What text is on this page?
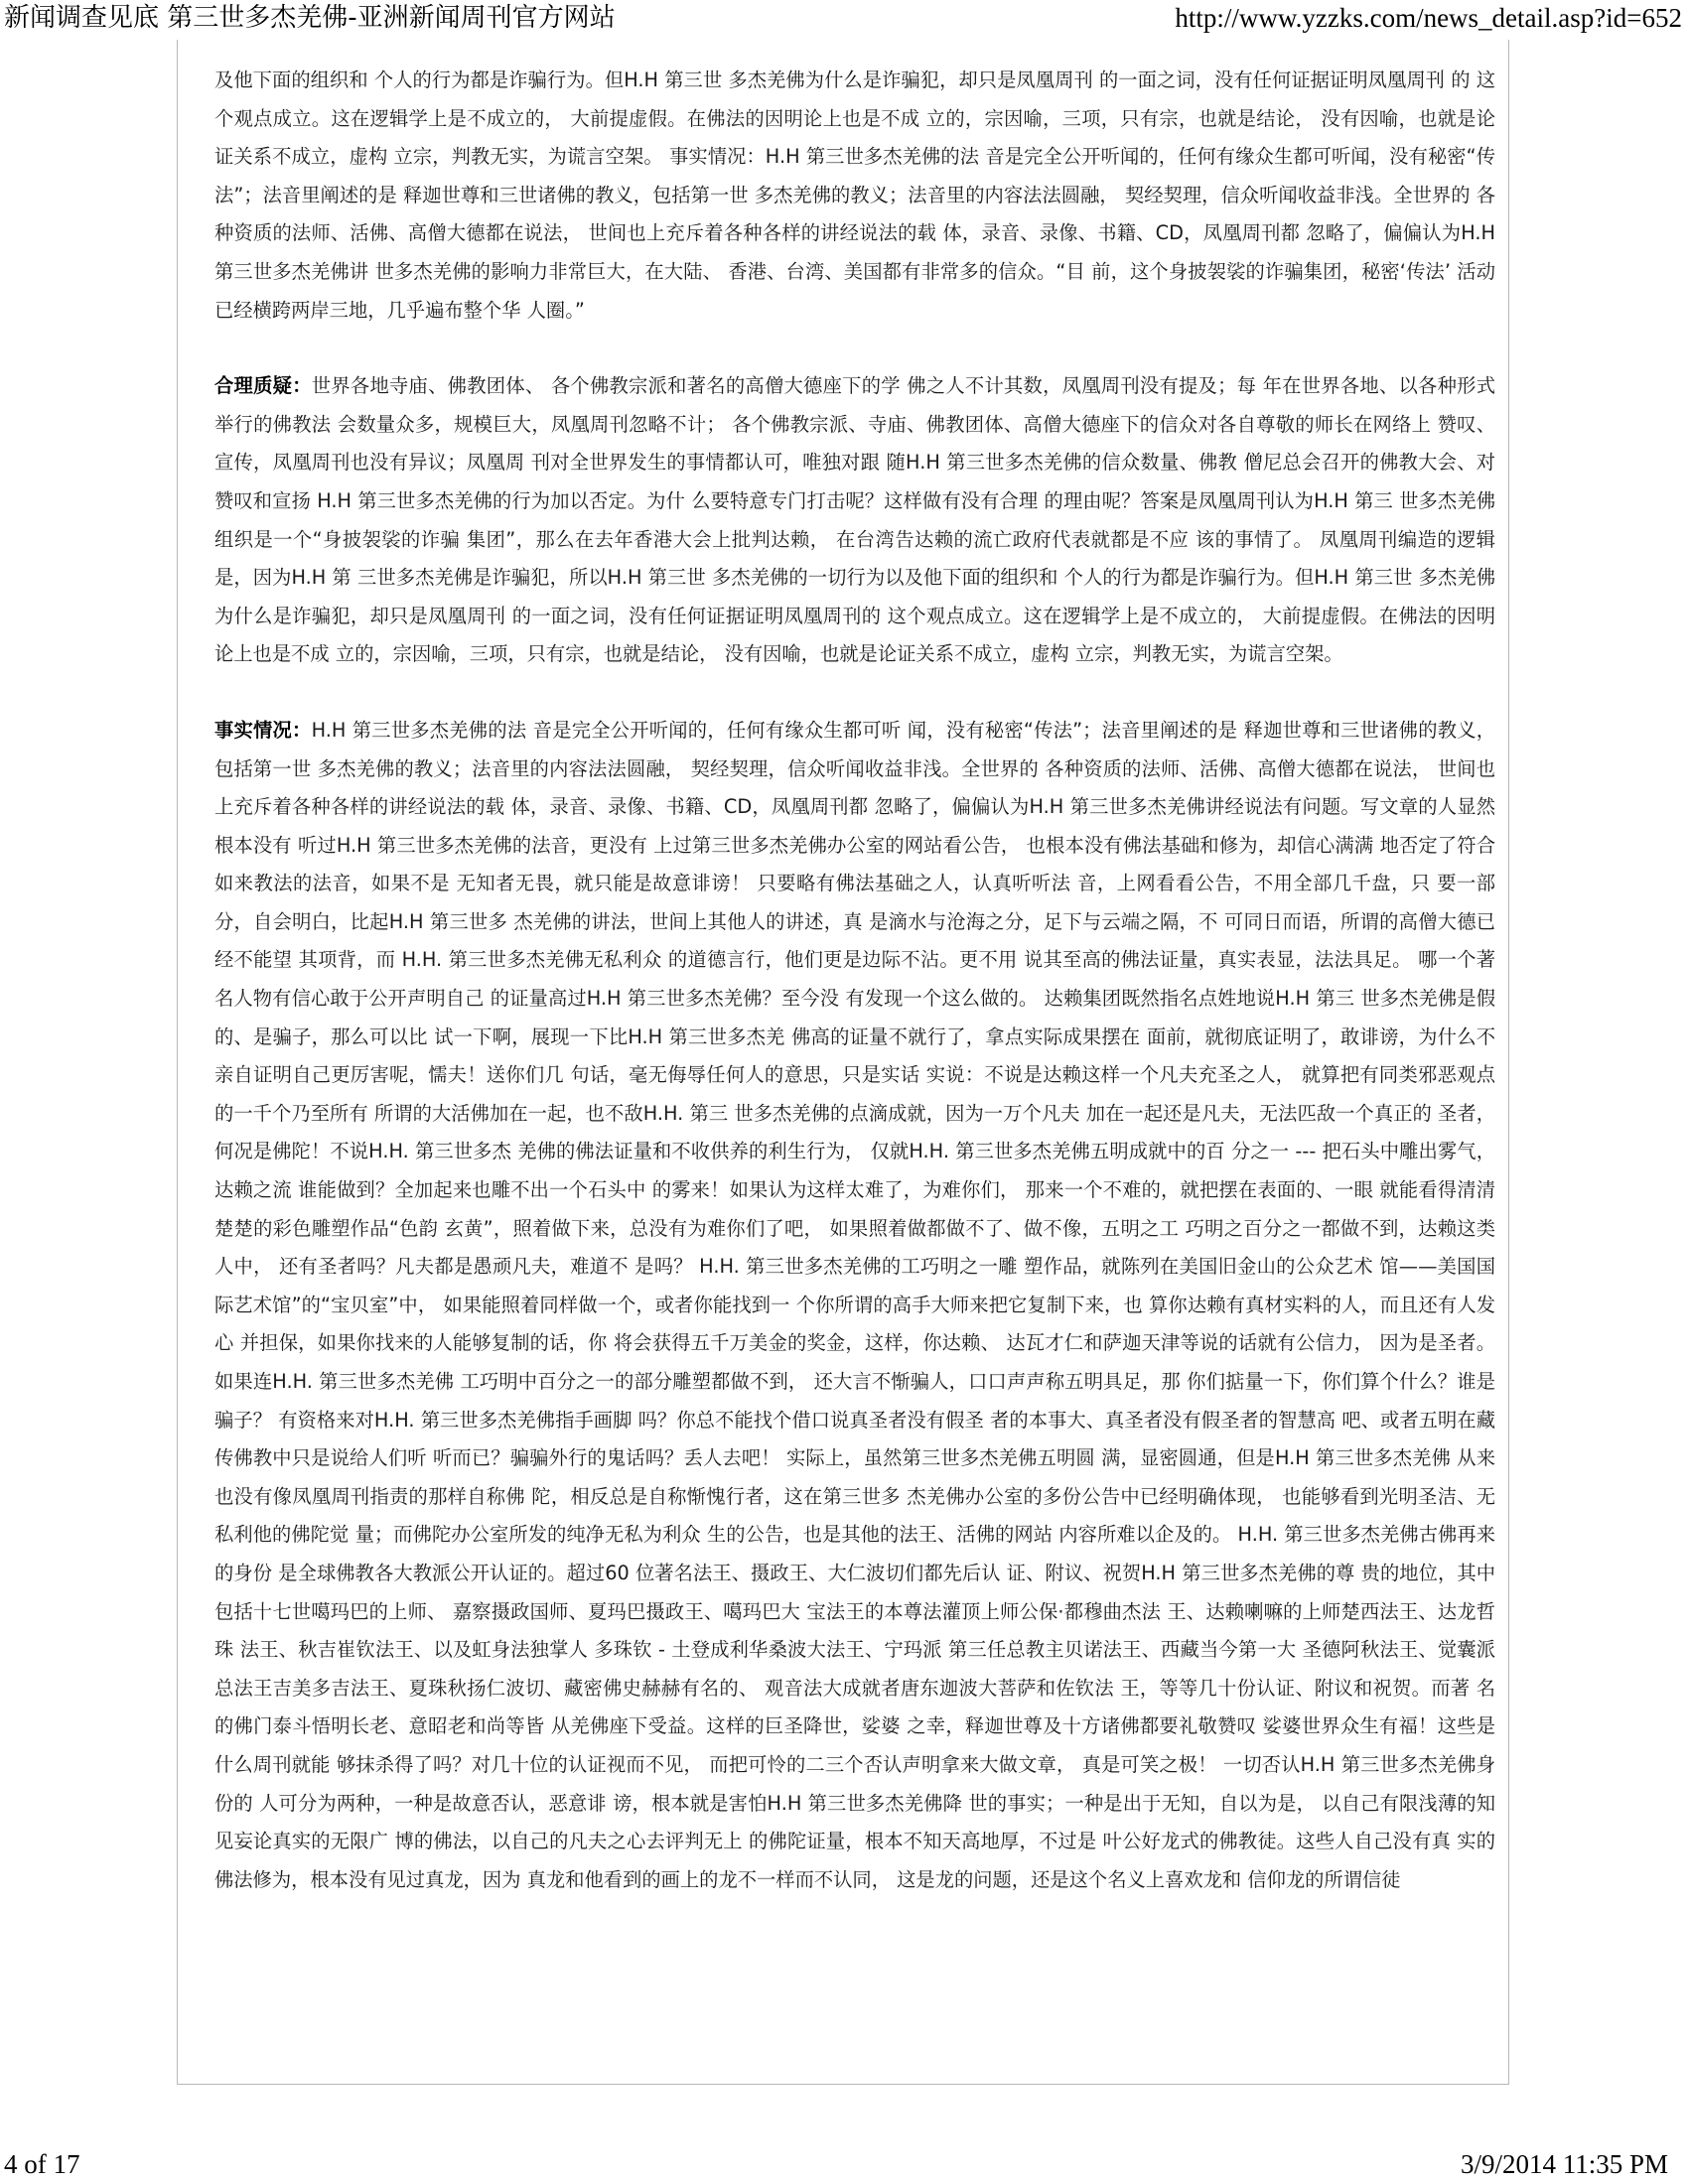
新闻调查见底 第三世多杰羌佛-亚洲新闻周刊官方网站	http://www.yzzks.com/news_detail.asp?id=652

及他下面的组织和 个人的行为都是诈骗行为。但H.H 第三世 多杰羌佛为什么是诈骗犯，却只是凤凰周刊 的一面之词，没有任何证据证明凤凰周刊 的 这个观点成立。这在逻辑学上是不成立的， 大前提虚假。在佛法的因明论上也是不成 立的，宗因喻，三项，只有宗，也就是结论， 没有因喻，也就是论证关系不成立，虚构 立宗，判教无实，为谎言空架。 事实情况：H.H 第三世多杰羌佛的法 音是完全公开听闻的，任何有缘众生都可听闻，没有秘密“传法”；法音里阐述的是 释迦世尊和三世诸佛的教义，包括第一世 多杰羌佛的教义；法音里的内容法法圆融， 契经契理，信众听闻收益非浅。全世界的 各种资质的法师、活佛、高僧大德都在说法， 世间也上充斥着各种各样的讲经说法的载 体，录音、录像、书籍、CD，凤凰周刊都 忽略了，偏偏认为H.H 第三世多杰羌佛讲 世多杰羌佛的影响力非常巨大，在大陆、 香港、台湾、美国都有非常多的信众。“目 前，这个身披袈裟的诈骗集团，秘密‘传法’ 活动已经横跨两岸三地，几乎遍布整个华 人圈。”

合理质疑：世界各地寺庙、佛教团体、 各个佛教宗派和著名的高僧大德座下的学 佛之人不计其数，凤凰周刊没有提及；每 年在世界各地、以各种形式举行的佛教法 会数量众多，规模巨大，凤凰周刊忽略不计； 各个佛教宗派、寺庙、佛教团体、高僧大德座下的信众对各自尊敬的师长在网络上 赞叹、宣传，凤凰周刊也没有异议；凤凰周 刊对全世界发生的事情都认可，唯独对跟 随H.H 第三世多杰羌佛的信众数量、佛教 僧尼总会召开的佛教大会、对赞叹和宣扬 H.H 第三世多杰羌佛的行为加以否定。为什 么要特意专门打击呢？这样做有没有合理 的理由呢？答案是凤凰周刊认为H.H 第三 世多杰羌佛组织是一个“身披袈裟的诈骗 集团”，那么在去年香港大会上批判达赖， 在台湾告达赖的流亡政府代表就都是不应 该的事情了。 凤凰周刊编造的逻辑是，因为H.H 第 三世多杰羌佛是诈骗犯，所以H.H 第三世 多杰羌佛的一切行为以及他下面的组织和 个人的行为都是诈骗行为。但H.H 第三世 多杰羌佛为什么是诈骗犯，却只是凤凰周刊 的一面之词，没有任何证据证明凤凰周刊的 这个观点成立。这在逻辑学上是不成立的， 大前提虚假。在佛法的因明论上也是不成 立的，宗因喻，三项，只有宗，也就是结论， 没有因喻，也就是论证关系不成立，虚构 立宗，判教无实，为谎言空架。

事实情况：H.H 第三世多杰羌佛的法 音是完全公开听闻的，任何有缘众生都可听 闻，没有秘密“传法”；法音里阐述的是 释迦世尊和三世诸佛的教义，包括第一世 多杰羌佛的教义；法音里的内容法法圆融， 契经契理，信众听闻收益非浅。全世界的 各种资质的法师、活佛、高僧大德都在说法， 世间也上充斥着各种各样的讲经说法的载 体，录音、录像、书籍、CD，凤凰周刊都 忽略了，偏偏认为H.H 第三世多杰羌佛讲经说法有问题。写文章的人显然根本没有 听过H.H 第三世多杰羌佛的法音，更没有 上过第三世多杰羌佛办公室的网站看公告， 也根本没有佛法基础和修为，却信心满满 地否定了符合如来教法的法音，如果不是 无知者无畏，就只能是故意诽谤！ 只要略有佛法基础之人，认真听听法 音，上网看看公告，不用全部几千盘，只 要一部分，自会明白，比起H.H 第三世多 杰羌佛的讲法，世间上其他人的讲述，真 是滴水与沧海之分，足下与云端之隔，不 可同日而语，所谓的高僧大德已经不能望 其项背，而 H.H. 第三世多杰羌佛无私利众 的道德言行，他们更是边际不沾。更不用 说其至高的佛法证量，真实表显，法法具足。 哪一个著名人物有信心敢于公开声明自己 的证量高过H.H 第三世多杰羌佛？至今没 有发现一个这么做的。 达赖集团既然指名点姓地说H.H 第三 世多杰羌佛是假的、是骗子，那么可以比 试一下啊，展现一下比H.H 第三世多杰羌 佛高的证量不就行了，拿点实际成果摆在 面前，就彻底证明了，敢诽谤，为什么不 亲自证明自己更厉害呢，懦夫！送你们几 句话，毫无侮辱任何人的意思，只是实话 实说：不说是达赖这样一个凡夫充圣之人， 就算把有同类邪恶观点的一千个乃至所有 所谓的大活佛加在一起，也不敌H.H. 第三 世多杰羌佛的点滴成就，因为一万个凡夫 加在一起还是凡夫，无法匹敌一个真正的 圣者，何况是佛陀！不说H.H. 第三世多杰 羌佛的佛法证量和不收供养的利生行为， 仅就H.H. 第三世多杰羌佛五明成就中的百 分之一 --- 把石头中雕出雾气，达赖之流 谁能做到？全加起来也雕不出一个石头中 的雾来！如果认为这样太难了，为难你们， 那来一个不难的，就把摆在表面的、一眼 就能看得清清楚楚的彩色雕塑作品“色韵 玄黄”，照着做下来，总没有为难你们了吧， 如果照着做都做不了、做不像，五明之工 巧明之百分之一都做不到，达赖这类人中， 还有圣者吗？凡夫都是愚顽凡夫，难道不 是吗？ H.H. 第三世多杰羌佛的工巧明之一雕 塑作品，就陈列在美国旧金山的公众艺术 馆——美国国际艺术馆”的“宝贝室”中， 如果能照着同样做一个，或者你能找到一 个你所谓的高手大师来把它复制下来，也 算你达赖有真材实料的人，而且还有人发心 并担保，如果你找来的人能够复制的话，你 将会获得五千万美金的奖金，这样，你达赖、 达瓦才仁和萨迦天津等说的话就有公信力， 因为是圣者。如果连H.H. 第三世多杰羌佛 工巧明中百分之一的部分雕塑都做不到， 还大言不惭骗人，口口声声称五明具足，那 你们掂量一下，你们算个什么？谁是骗子？ 有资格来对H.H. 第三世多杰羌佛指手画脚 吗？你总不能找个借口说真圣者没有假圣 者的本事大、真圣者没有假圣者的智慧高 吧、或者五明在藏传佛教中只是说给人们听 听而已？骗骗外行的鬼话吗？丢人去吧！ 实际上，虽然第三世多杰羌佛五明圆 满，显密圆通，但是H.H 第三世多杰羌佛 从来也没有像凤凰周刊指责的那样自称佛 陀，相反总是自称惭愧行者，这在第三世多 杰羌佛办公室的多份公告中已经明确体现， 也能够看到光明圣洁、无私利他的佛陀觉 量；而佛陀办公室所发的纯净无私为利众 生的公告，也是其他的法王、活佛的网站 内容所难以企及的。 H.H. 第三世多杰羌佛古佛再来的身份 是全球佛教各大教派公开认证的。超过60 位著名法王、摄政王、大仁波切们都先后认 证、附议、祝贺H.H 第三世多杰羌佛的尊 贵的地位，其中包括十七世噶玛巴的上师、 嘉察摄政国师、夏玛巴摄政王、噶玛巴大 宝法王的本尊法灌顶上师公保·都穆曲杰法 王、达赖喇嘛的上师楚西法王、达龙哲珠 法王、秋吉崔钦法王、以及虹身法独掌人 多珠钦 - 土登成利华桑波大法王、宁玛派 第三任总教主贝诺法王、西藏当今第一大 圣德阿秋法王、觉囊派总法王吉美多吉法王、夏珠秋扬仁波切、藏密佛史赫赫有名的、 观音法大成就者唐东迦波大菩萨和佐钦法 王，等等几十份认证、附议和祝贺。而著 名的佛门泰斗悟明长老、意昭老和尚等皆 从羌佛座下受益。这样的巨圣降世，娑婆 之幸，释迦世尊及十方诸佛都要礼敬赞叹 娑婆世界众生有福！这些是什么周刊就能 够抹杀得了吗？对几十位的认证视而不见， 而把可怜的二三个否认声明拿来大做文章， 真是可笑之极！ 一切否认H.H 第三世多杰羌佛身份的 人可分为两种，一种是故意否认，恶意诽 谤，根本就是害怕H.H 第三世多杰羌佛降 世的事实；一种是出于无知，自以为是， 以自己有限浅薄的知见妄论真实的无限广 博的佛法，以自己的凡夫之心去评判无上 的佛陀证量，根本不知天高地厚，不过是 叶公好龙式的佛教徒。这些人自己没有真 实的佛法修为，根本没有见过真龙，因为 真龙和他看到的画上的龙不一样而不认同， 这是龙的问题，还是这个名义上喜欢龙和 信仰龙的所谓信徒

4 of 17	3/9/2014 11:35 PM
